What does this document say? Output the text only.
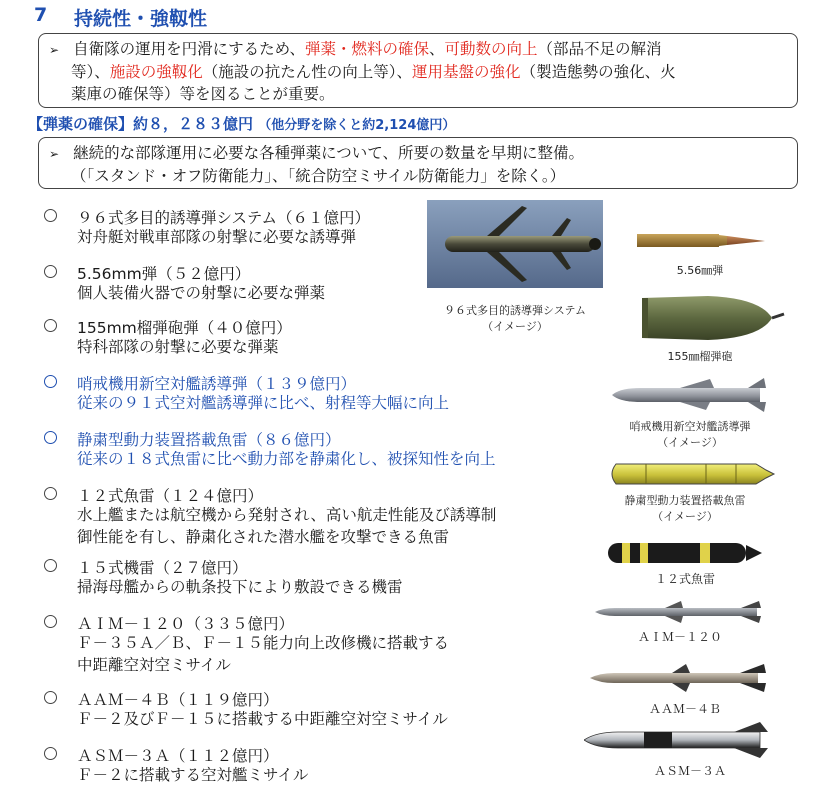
7 持続性・強靱性
➢ 自衛隊の運用を円滑にするため、弾薬・燃料の確保、可動数の向上（部品不足の解消
等）、施設の強靱化（施設の抗たん性の向上等）、運用基盤の強化（製造態勢の強化、火
薬庫の確保等）等を図ることが重要。
【弾薬の確保】約８，２８３億円 （他分野を除くと約2,124億円）
➢ 継続的な部隊運用に必要な各種弾薬について、所要の数量を早期に整備。
（「スタンド・オフ防衛能力」、「統合防空ミサイル防衛能力」を除く。）
９６式多目的誘導弾システム（６１億円）
対舟艇対戦車部隊の射撃に必要な誘導弾
5.56mm弾（５２億円）
個人装備火器での射撃に必要な弾薬
155mm榴弾砲弾（４０億円）
特科部隊の射撃に必要な弾薬
哨戒機用新空対艦誘導弾（１３９億円）
従来の９１式空対艦誘導弾に比べ、射程等大幅に向上
静粛型動力装置搭載魚雷（８６億円）
従来の１８式魚雷に比べ動力部を静粛化し、被探知性を向上
１２式魚雷（１２４億円）
水上艦または航空機から発射され、高い航走性能及び誘導制
御性能を有し、静粛化された潜水艦を攻撃できる魚雷
１５式機雷（２７億円）
掃海母艦からの軌条投下により敷設できる機雷
ＡＩＭ－１２０（３３５億円）
Ｆ－３５Ａ／Ｂ、Ｆ－１５能力向上改修機に搭載する
中距離空対空ミサイル
ＡＡＭ－４Ｂ（１１９億円）
Ｆ－２及びＦ－１５に搭載する中距離空対空ミサイル
ＡＳＭ－３Ａ（１１２億円）
Ｆ－２に搭載する空対艦ミサイル
９６式多目的誘導弾システム
（イメージ）
5.56㎜弾
155㎜榴弾砲
哨戒機用新空対艦誘導弾
（イメージ）
静粛型動力装置搭載魚雷
（イメージ）
１２式魚雷
ＡＩＭ－１２０
ＡＡＭ－４Ｂ
ＡＳＭ－３Ａ
